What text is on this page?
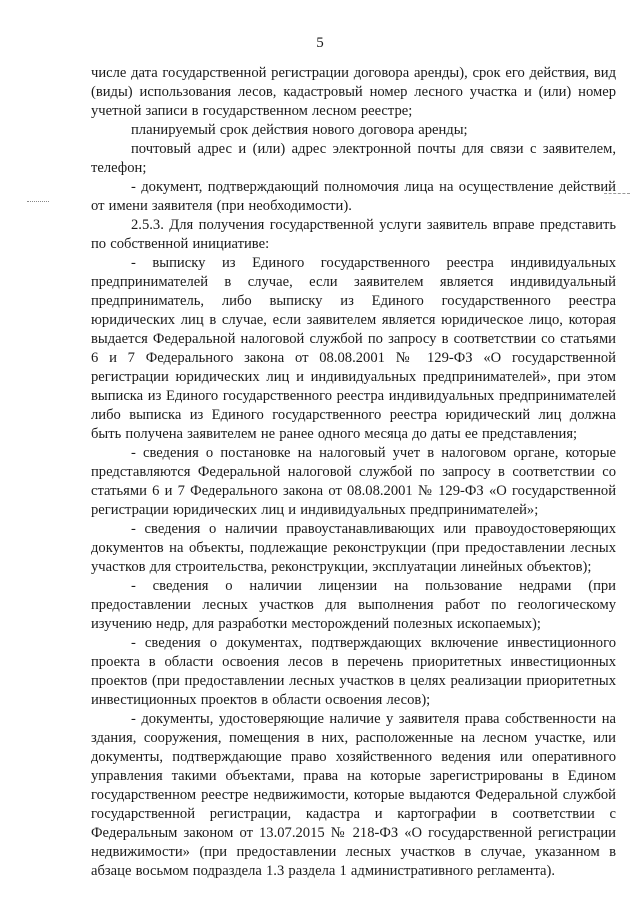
5

числе дата государственной регистрации договора аренды), срок его действия, вид (виды) использования лесов, кадастровый номер лесного участка и (или) номер учетной записи в государственном лесном реестре;

планируемый срок действия нового договора аренды;

почтовый адрес и (или) адрес электронной почты для связи с заявителем, телефон;

- документ, подтверждающий полномочия лица на осуществление действий от имени заявителя (при необходимости).

2.5.3. Для получения государственной услуги заявитель вправе представить по собственной инициативе:

- выписку из Единого государственного реестра индивидуальных предпринимателей в случае, если заявителем является индивидуальный предприниматель, либо выписку из Единого государственного реестра юридических лиц в случае, если заявителем является юридическое лицо, которая выдается Федеральной налоговой службой по запросу в соответствии со статьями 6 и 7 Федерального закона от 08.08.2001 № 129-ФЗ «О государственной регистрации юридических лиц и индивидуальных предпринимателей», при этом выписка из Единого государственного реестра индивидуальных предпринимателей либо выписка из Единого государственного реестра юридический лиц должна быть получена заявителем не ранее одного месяца до даты ее представления;

- сведения о постановке на налоговый учет в налоговом органе, которые представляются Федеральной налоговой службой по запросу в соответствии со статьями 6 и 7 Федерального закона от 08.08.2001 № 129-ФЗ «О государственной регистрации юридических лиц и индивидуальных предпринимателей»;

- сведения о наличии правоустанавливающих или правоудостоверяющих документов на объекты, подлежащие реконструкции (при предоставлении лесных участков для строительства, реконструкции, эксплуатации линейных объектов);

- сведения о наличии лицензии на пользование недрами (при предоставлении лесных участков для выполнения работ по геологическому изучению недр, для разработки месторождений полезных ископаемых);

- сведения о документах, подтверждающих включение инвестиционного проекта в области освоения лесов в перечень приоритетных инвестиционных проектов (при предоставлении лесных участков в целях реализации приоритетных инвестиционных проектов в области освоения лесов);

- документы, удостоверяющие наличие у заявителя права собственности на здания, сооружения, помещения в них, расположенные на лесном участке, или документы, подтверждающие право хозяйственного ведения или оперативного управления такими объектами, права на которые зарегистрированы в Едином государственном реестре недвижимости, которые выдаются Федеральной службой государственной регистрации, кадастра и картографии в соответствии с Федеральным законом от 13.07.2015 № 218-ФЗ «О государственной регистрации недвижимости» (при предоставлении лесных участков в случае, указанном в абзаце восьмом подраздела 1.3 раздела 1 административного регламента).
